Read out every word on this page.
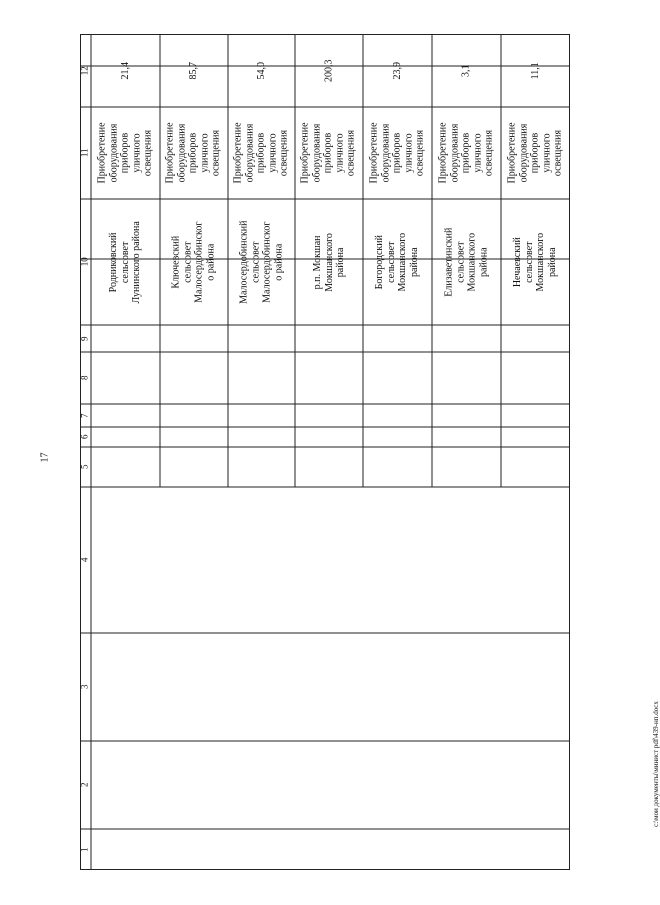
17
1
2
3
4
5
6
7
8
9
10
11
12
Родниковский
сельсовет
Лунинского района
Приобретение
оборудования
приборов
уличного
освещения
21,4
Ключевский
сельсовет
Малосердобинског
о района
Приобретение
оборудования
приборов
уличного
освещения
85,7
Малосердобинский
сельсовет
Малосердобинског
о района
Приобретение
оборудования
приборов
уличного
освещения
54,0
р.п. Мокшан
Мокшанского
района
Приобретение
оборудования
приборов
уличного
освещения
200,3
Богородский
сельсовет
Мокшанского
района
Приобретение
оборудования
приборов
уличного
освещения
23,9
Елизаветинский
сельсовет
Мокшанского
района
Приобретение
оборудования
приборов
уличного
освещения
3,1
Нечаевский
сельсовет
Мокшанского
района
Приобретение
оборудования
приборов
уличного
освещения
11,1
c:\мои документы\минист pdf\439-нп.docx
